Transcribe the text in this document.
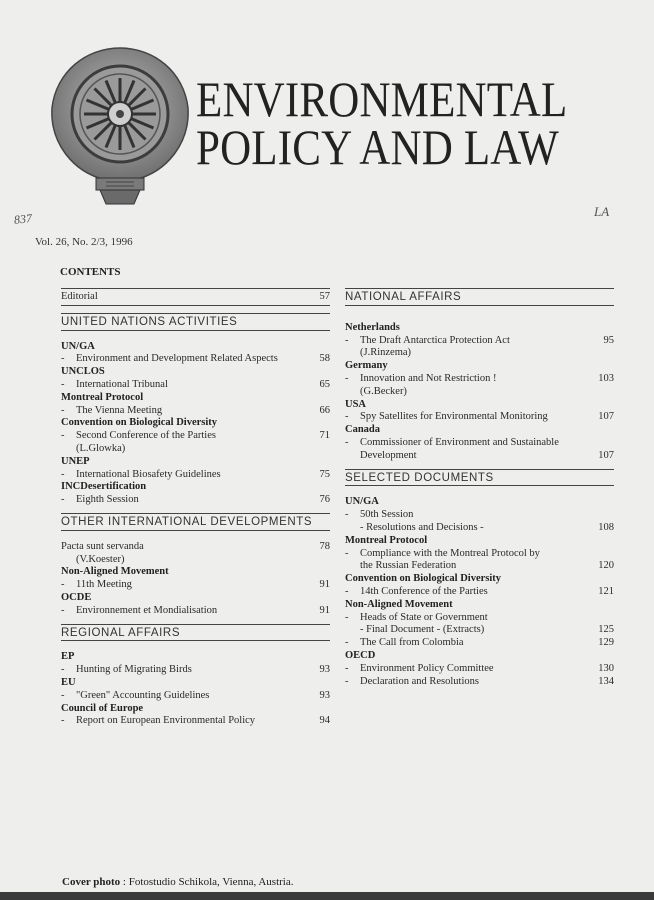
ENVIRONMENTAL
POLICY AND LAW
837	LA
Vol. 26, No. 2/3, 1996
CONTENTS
Editorial	57
UNITED NATIONS ACTIVITIES
UN/GA
-	Environment and Development Related Aspects	58
UNCLOS
-	International Tribunal	65
Montreal Protocol
-	The Vienna Meeting	66
Convention on Biological Diversity
-	Second Conference of the Parties	71
(L.Glowka)
UNEP
-	International Biosafety Guidelines	75
INCDesertification
-	Eighth Session	76
OTHER INTERNATIONAL DEVELOPMENTS
Pacta sunt servanda	78
(V.Koester)
Non-Aligned Movement
-	11th Meeting	91
OCDE
-	Environnement et Mondialisation	91
REGIONAL AFFAIRS
EP
-	Hunting of Migrating Birds	93
EU
-	"Green" Accounting Guidelines	93
Council of Europe
-	Report on European Environmental Policy	94
NATIONAL AFFAIRS
Netherlands
-	The Draft Antarctica Protection Act	95
(J.Rinzema)
Germany
-	Innovation and Not Restriction !	103
(G.Becker)
USA
-	Spy Satellites for Environmental Monitoring	107
Canada
-	Commissioner of Environment and Sustainable
Development	107
SELECTED DOCUMENTS
UN/GA
-	50th Session
- Resolutions and Decisions -	108
Montreal Protocol
-	Compliance with the Montreal Protocol by
the Russian Federation	120
Convention on Biological Diversity
-	14th Conference of the Parties	121
Non-Aligned Movement
-	Heads of State or Government
- Final Document - (Extracts)	125
-	The Call from Colombia	129
OECD
-	Environment Policy Committee	130
-	Declaration and Resolutions	134
Cover photo : Fotostudio Schikola, Vienna, Austria.
